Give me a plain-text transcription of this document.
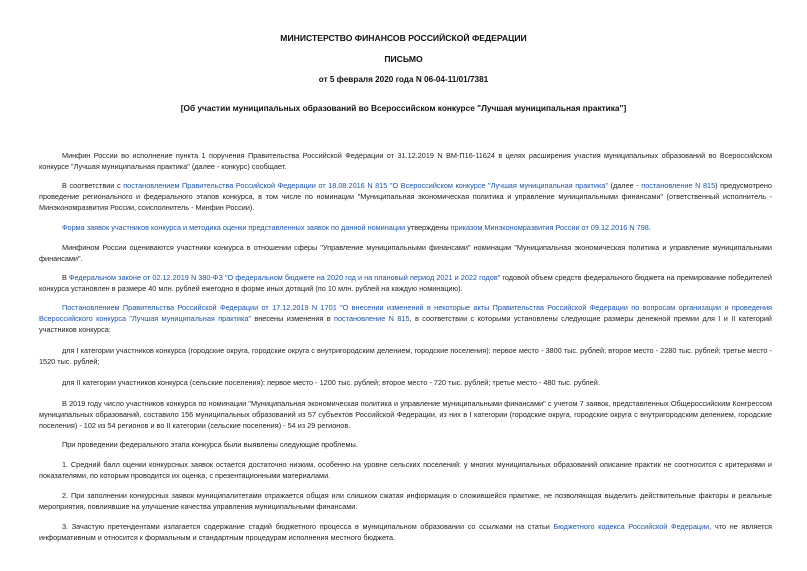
МИНИСТЕРСТВО ФИНАНСОВ РОССИЙСКОЙ ФЕДЕРАЦИИ
ПИСЬМО
от 5 февраля 2020 года N 06-04-11/01/7381
[Об участии муниципальных образований во Всероссийском конкурсе "Лучшая муниципальная практика"]

Минфин России во исполнение пункта 1 поручения Правительства Российской Федерации от 31.12.2019 N ВМ-П16-11624 в целях расширения участия муниципальных образований во Всероссийском конкурсе "Лучшая муниципальная практика" (далее - конкурс) сообщает.

В соответствии с постановлением Правительства Российской Федерации от 18.08.2016 N 815 "О Всероссийском конкурсе "Лучшая муниципальная практика" (далее - постановление N 815) предусмотрено проведение регионального и федерального этапов конкурса, в том числе по номинации "Муниципальная экономическая политика и управление муниципальными финансами" (ответственный исполнитель - Минэкономразвития России, соисполнитель - Минфин России).

Форма заявок участников конкурса и методика оценки представленных заявок по данной номинации утверждены приказом Минэкономразвития России от 09.12.2016 N 798.

Минфином России оцениваются участники конкурса в отношении сферы "Управление муниципальными финансами" номинации "Муниципальная экономическая политика и управление муниципальными финансами".

В Федеральном законе от 02.12.2019 N 380-ФЗ "О федеральном бюджете на 2020 год и на плановый период 2021 и 2022 годов" годовой объем средств федерального бюджета на премирование победителей конкурса установлен в размере 40 млн. рублей ежегодно в форме иных дотаций (по 10 млн. рублей на каждую номинацию).

Постановлением Правительства Российской Федерации от 17.12.2019 N 1701 "О внесении изменений в некоторые акты Правительства Российской Федерации по вопросам организации и проведения Всероссийского конкурса "Лучшая муниципальная практика" внесены изменения в постановление N 815, в соответствии с которыми установлены следующие размеры денежной премии для I и II категорий участников конкурса:

для I категории участников конкурса (городские округа, городские округа с внутригородским делением, городские поселения): первое место - 3800 тыс. рублей; второе место - 2280 тыс. рублей; третье место - 1520 тыс. рублей;

для II категории участников конкурса (сельские поселения): первое место - 1200 тыс. рублей; второе место - 720 тыс. рублей; третье место - 480 тыс. рублей.

В 2019 году число участников конкурса по номинации "Муниципальная экономическая политика и управление муниципальными финансами" с учетом 7 заявок, представленных Общероссийским Конгрессом муниципальных образований, составило 156 муниципальных образований из 57 субъектов Российской Федерации, из них в I категории (городские округа, городские округа с внутригородским делением, городские поселения) - 102 из 54 регионов и во II категории (сельские поселения) - 54 из 29 регионов.

При проведении федерального этапа конкурса были выявлены следующие проблемы.

1. Средний балл оценки конкурсных заявок остается достаточно низким, особенно на уровне сельских поселений: у многих муниципальных образований описание практик не соотносится с критериями и показателями, по которым проводится их оценка, с презентационными материалами.

2. При заполнении конкурсных заявок муниципалитетами отражается общая или слишком сжатая информация о сложившейся практике, не позволяющая выделить действительные факторы и реальные мероприятия, повлиявшие на улучшение качества управления муниципальными финансами.

3. Зачастую претендентами излагается содержание стадий бюджетного процесса в муниципальном образовании со ссылками на статьи Бюджетного кодекса Российской Федерации, что не является информативным и относится к формальным и стандартным процедурам исполнения местного бюджета.
